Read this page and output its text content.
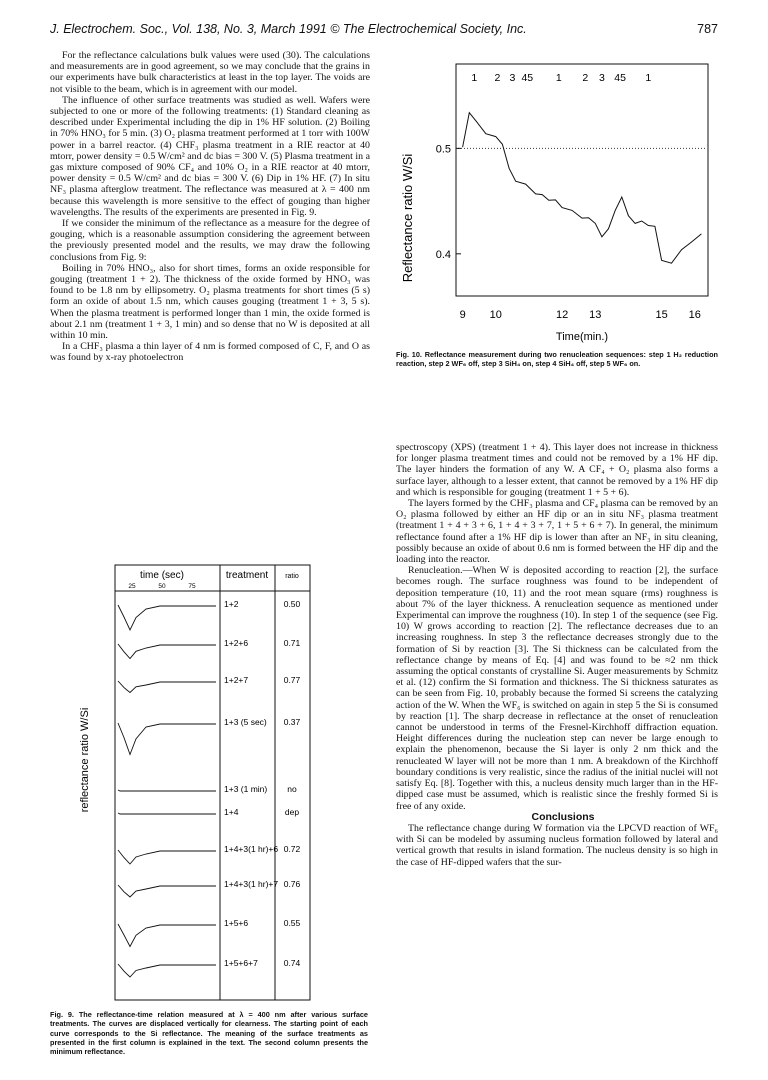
J. Electrochem. Soc., Vol. 138, No. 3, March 1991 © The Electrochemical Society, Inc.	787

For the reflectance calculations bulk values were used (30). The calculations and measurements are in good agreement, so we may conclude that the grains in our experiments have bulk characteristics at least in the top layer. The voids are not visible to the beam, which is in agreement with our model.

The influence of other surface treatments was studied as well. Wafers were subjected to one or more of the following treatments: (1) Standard cleaning as described under Experimental including the dip in 1% HF solution. (2) Boiling in 70% HNO₃ for 5 min. (3) O₂ plasma treatment performed at 1 torr with 100W power in a barrel reactor. (4) CHF₃ plasma treatment in a RIE reactor at 40 mtorr, power density = 0.5 W/cm² and dc bias = 300 V. (5) Plasma treatment in a gas mixture composed of 90% CF₄ and 10% O₂ in a RIE reactor at 40 mtorr, power density = 0.5 W/cm² and dc bias = 300 V. (6) Dip in 1% HF. (7) In situ NF₃ plasma afterglow treatment. The reflectance was measured at λ = 400 nm because this wavelength is more sensitive to the effect of gouging than higher wavelengths. The results of the experiments are presented in Fig. 9.

If we consider the minimum of the reflectance as a measure for the degree of gouging, which is a reasonable assumption considering the agreement between the previously presented model and the results, we may draw the following conclusions from Fig. 9:

Boiling in 70% HNO₃, also for short times, forms an oxide responsible for gouging (treatment 1 + 2). The thickness of the oxide formed by HNO₃ was found to be 1.8 nm by ellipsometry. O₂ plasma treatments for short times (5 s) form an oxide of about 1.5 nm, which causes gouging (treatment 1 + 3, 5 s). When the plasma treatment is performed longer than 1 min, the oxide formed is about 2.1 nm (treatment 1 + 3, 1 min) and so dense that no W is deposited at all within 10 min.

In a CHF₃ plasma a thin layer of 4 nm is formed composed of C, F, and O as was found by x-ray photoelectron

Reflectance ratio W/Si
1 2 3 45 1 2 3 45 1
0.4
0.5
9 10	12 13	15 16
Time(min.)
Fig. 10. Reflectance measurement during two renucleation sequences: step 1 H₂ reduction reaction, step 2 WF₆ off, step 3 SiH₄ on, step 4 SiH₄ off, step 5 WF₆ on.
reflectance ratio W/Si
time (sec)	treatment ratio
25	50	75
1+2	0.50
1+2+6	0.71
1+2+7	0.77
1+3 (5 sec) 0.37
1+3 (1 min) no
1+4	dep
1+4+3(1 hr)+6 0.72
1+4+3(1 hr)+7 0.76
1+5+6	0.55
1+5+6+7	0.74
Fig. 9. The reflectance-time relation measured at λ = 400 nm after various surface treatments. The curves are displaced vertically for clearness. The starting point of each curve corresponds to the Si reflectance. The meaning of the surface treatments as presented in the first column is explained in the text. The second column presents the minimum reflectance.

spectroscopy (XPS) (treatment 1 + 4). This layer does not increase in thickness for longer plasma treatment times and could not be removed by a 1% HF dip. The layer hinders the formation of any W. A CF₄ + O₂ plasma also forms a surface layer, although to a lesser extent, that cannot be removed by a 1% HF dip and which is responsible for gouging (treatment 1 + 5 + 6).

The layers formed by the CHF₃ plasma and CF₄ plasma can be removed by an O₂ plasma followed by either an HF dip or an in situ NF₃ plasma treatment (treatment 1 + 4 + 3 + 6, 1 + 4 + 3 + 7, 1 + 5 + 6 + 7). In general, the minimum reflectance found after a 1% HF dip is lower than after an NF₃ in situ cleaning, possibly because an oxide of about 0.6 nm is formed between the HF dip and the loading into the reactor.

Renucleation.—When W is deposited according to reaction [2], the surface becomes rough. The surface roughness was found to be independent of deposition temperature (10, 11) and the root mean square (rms) roughness is about 7% of the layer thickness. A renucleation sequence as mentioned under Experimental can improve the roughness (10). In step 1 of the sequence (see Fig. 10) W grows according to reaction [2]. The reflectance decreases due to an increasing roughness. In step 3 the reflectance decreases strongly due to the formation of Si by reaction [3]. The Si thickness can be calculated from the reflectance change by means of Eq. [4] and was found to be ≈2 nm thick assuming the optical constants of crystalline Si. Auger measurements by Schmitz et al. (12) confirm the Si formation and thickness. The Si thickness saturates as can be seen from Fig. 10, probably because the formed Si screens the catalyzing action of the W. When the WF₆ is switched on again in step 5 the Si is consumed by reaction [1]. The sharp decrease in reflectance at the onset of renucleation cannot be understood in terms of the Fresnel-Kirchhoff diffraction equation. Height differences during the nucleation step can never be large enough to explain the phenomenon, because the Si layer is only 2 nm thick and the renucleated W layer will not be more than 1 nm. A breakdown of the Kirchhoff boundary conditions is very realistic, since the radius of the initial nuclei will not satisfy Eq. [8]. Together with this, a nucleus density much larger than in the HF-dipped case must be assumed, which is realistic since the freshly formed Si is free of any oxide.

Conclusions

The reflectance change during W formation via the LPCVD reaction of WF₆ with Si can be modeled by assuming nucleus formation followed by lateral and vertical growth that results in island formation. The nucleus density is so high in the case of HF-dipped wafers that the sur-
